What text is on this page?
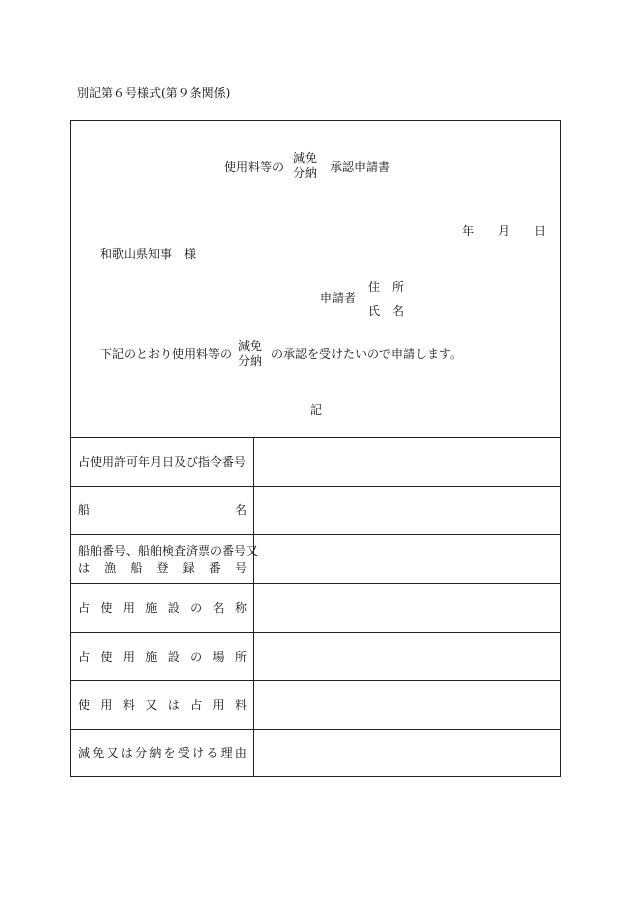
別記第６号様式(第９条関係)
使用料等の
減免
分納 承認申請書
年 月 日
和歌山県知事　様
申請者
住　所
氏　名
下記のとおり使用料等の
減免
分納 の承認を受けたいので申請します。
記
占使用許可年月日及び指令番号
船	名
船舶番号、船舶検査済票の番号又
は 漁 船 登 録 番 号
占 使 用 施 設 の 名 称
占 使 用 施 設 の 場 所
使 用 料 又 は 占 用 料
減 免 又 は 分 納 を 受 け る 理 由
